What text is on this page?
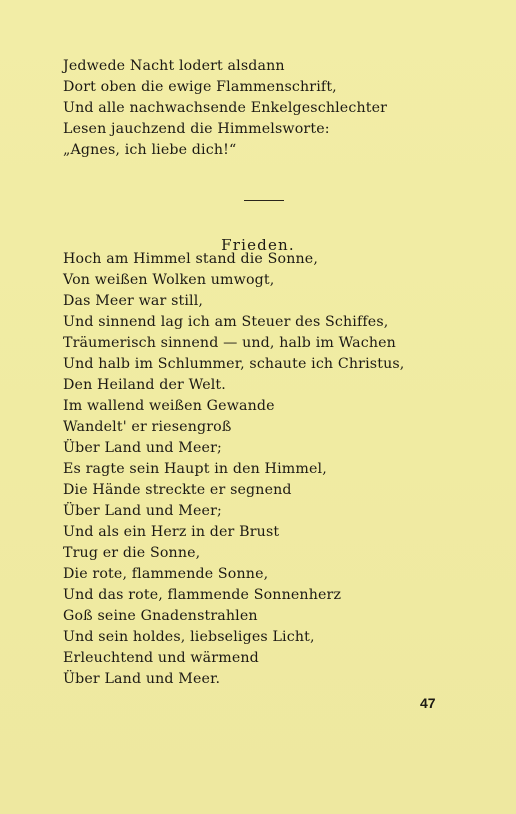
Jedwede Nacht lodert alsdann
Dort oben die ewige Flammenschrift,
Und alle nachwachsende Enkelgeschlechter
Lesen jauchzend die Himmelsworte:
„Agnes, ich liebe dich!“
Frieden.
Hoch am Himmel stand die Sonne,
Von weißen Wolken umwogt,
Das Meer war still,
Und sinnend lag ich am Steuer des Schiffes,
Träumerisch sinnend — und, halb im Wachen
Und halb im Schlummer, schaute ich Christus,
Den Heiland der Welt.
Im wallend weißen Gewande
Wandelt' er riesengroß
Über Land und Meer;
Es ragte sein Haupt in den Himmel,
Die Hände streckte er segnend
Über Land und Meer;
Und als ein Herz in der Brust
Trug er die Sonne,
Die rote, flammende Sonne,
Und das rote, flammende Sonnenherz
Goß seine Gnadenstrahlen
Und sein holdes, liebseliges Licht,
Erleuchtend und wärmend
Über Land und Meer.
47
